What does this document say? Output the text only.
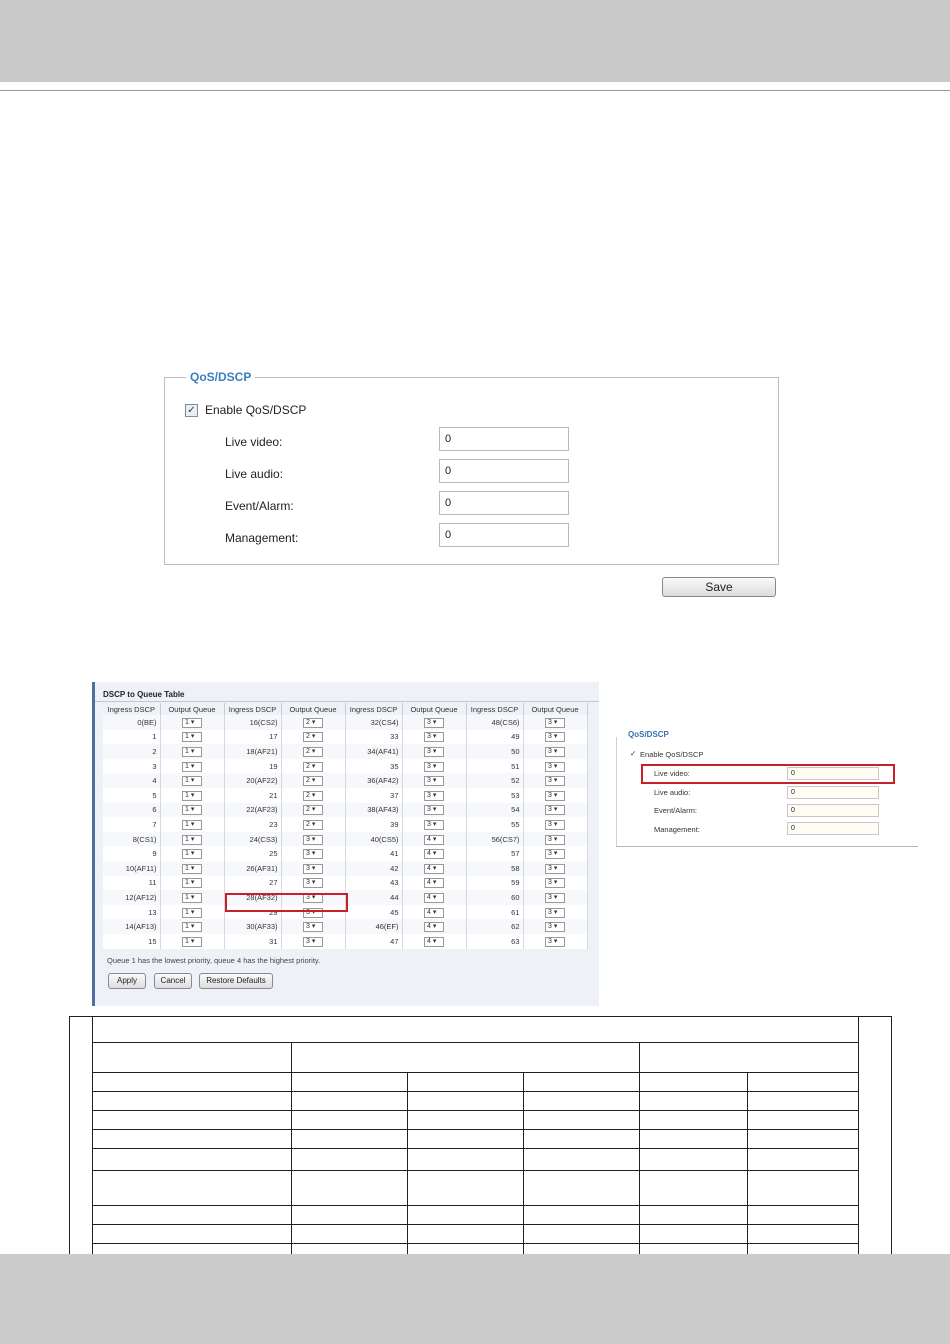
QoS/DSCP
✓ Enable QoS/DSCP
Live video:
0
Live audio:
0
Event/Alarm:
0
Management:
0
Save
DSCP to Queue Table
Ingress DSCP	Output Queue	Ingress DSCP	Output Queue	Ingress DSCP	Output Queue	Ingress DSCP	Output Queue
0(BE)	1 ▾	16(CS2)	2 ▾	32(CS4)	3 ▾	48(CS6)	3 ▾
1	1 ▾	17	2 ▾	33	3 ▾	49	3 ▾
2	1 ▾	18(AF21)	2 ▾	34(AF41)	3 ▾	50	3 ▾
3	1 ▾	19	2 ▾	35	3 ▾	51	3 ▾
4	1 ▾	20(AF22)	2 ▾	36(AF42)	3 ▾	52	3 ▾
5	1 ▾	21	2 ▾	37	3 ▾	53	3 ▾
6	1 ▾	22(AF23)	2 ▾	38(AF43)	3 ▾	54	3 ▾
7	1 ▾	23	2 ▾	39	3 ▾	55	3 ▾
8(CS1)	1 ▾	24(CS3)	3 ▾	40(CS5)	4 ▾	56(CS7)	3 ▾
9	1 ▾	25	3 ▾	41	4 ▾	57	3 ▾
10(AF11)	1 ▾	26(AF31)	3 ▾	42	4 ▾	58	3 ▾
11	1 ▾	27	3 ▾	43	4 ▾	59	3 ▾
12(AF12)	1 ▾	28(AF32)	3 ▾	44	4 ▾	60	3 ▾
13	1 ▾	29	3 ▾	45	4 ▾	61	3 ▾
14(AF13)	1 ▾	30(AF33)	3 ▾	46(EF)	4 ▾	62	3 ▾
15	1 ▾	31	3 ▾	47	4 ▾	63	3 ▾
Queue 1 has the lowest priority, queue 4 has the highest priority.
Apply	Cancel	Restore Defaults
QoS/DSCP
✓ Enable QoS/DSCP
Live video:
0
Live audio:
0
Event/Alarm:
0
Management:
0
